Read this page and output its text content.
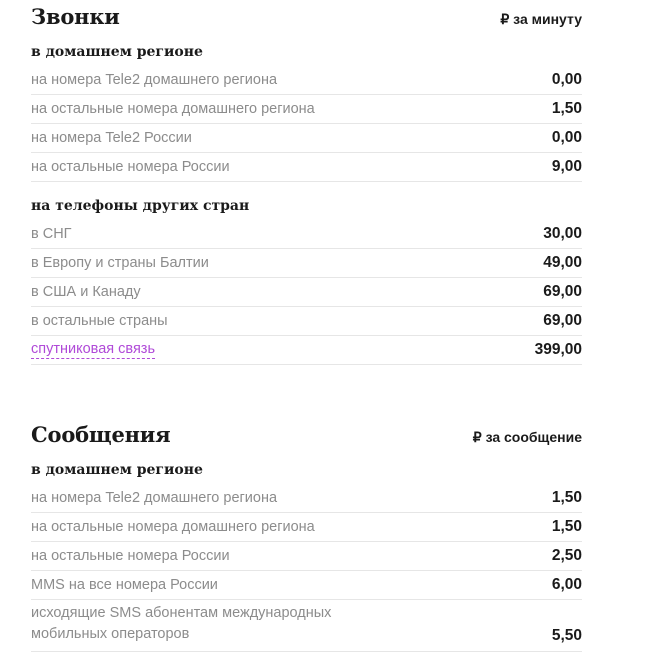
Звонки	₽ за минуту
в домашнем регионе
на номера Tele2 домашнего региона	0,00
на остальные номера домашнего региона	1,50
на номера Tele2 России	0,00
на остальные номера России	9,00
на телефоны других стран
в СНГ	30,00
в Европу и страны Балтии	49,00
в США и Канаду	69,00
в остальные страны	69,00
спутниковая связь	399,00
Сообщения	₽ за сообщение
в домашнем регионе
на номера Tele2 домашнего региона	1,50
на остальные номера домашнего региона	1,50
на остальные номера России	2,50
MMS на все номера России	6,00
исходящие SMS абонентам международных
мобильных операторов	5,50
